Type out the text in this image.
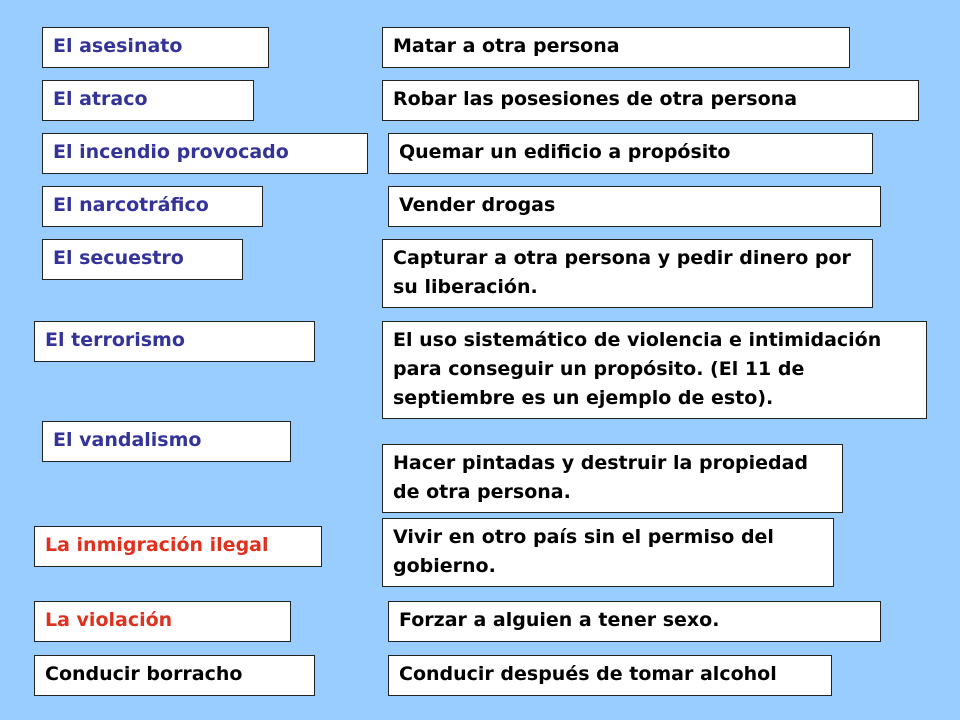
El asesinato
El atraco
El incendio provocado
El narcotráfico
El secuestro
El terrorismo
El vandalismo
La inmigración ilegal
La violación
Conducir borracho
Matar a otra persona
Robar las posesiones de otra persona
Quemar un edificio a propósito
Vender drogas
Capturar a otra persona y pedir dinero por su liberación.
El uso sistemático de violencia e intimidación para conseguir un propósito. (El 11 de septiembre es un ejemplo de esto).
Hacer pintadas y destruir la propiedad de otra persona.
Vivir en otro país sin el permiso del gobierno.
Forzar a alguien a tener sexo.
Conducir después de tomar alcohol
